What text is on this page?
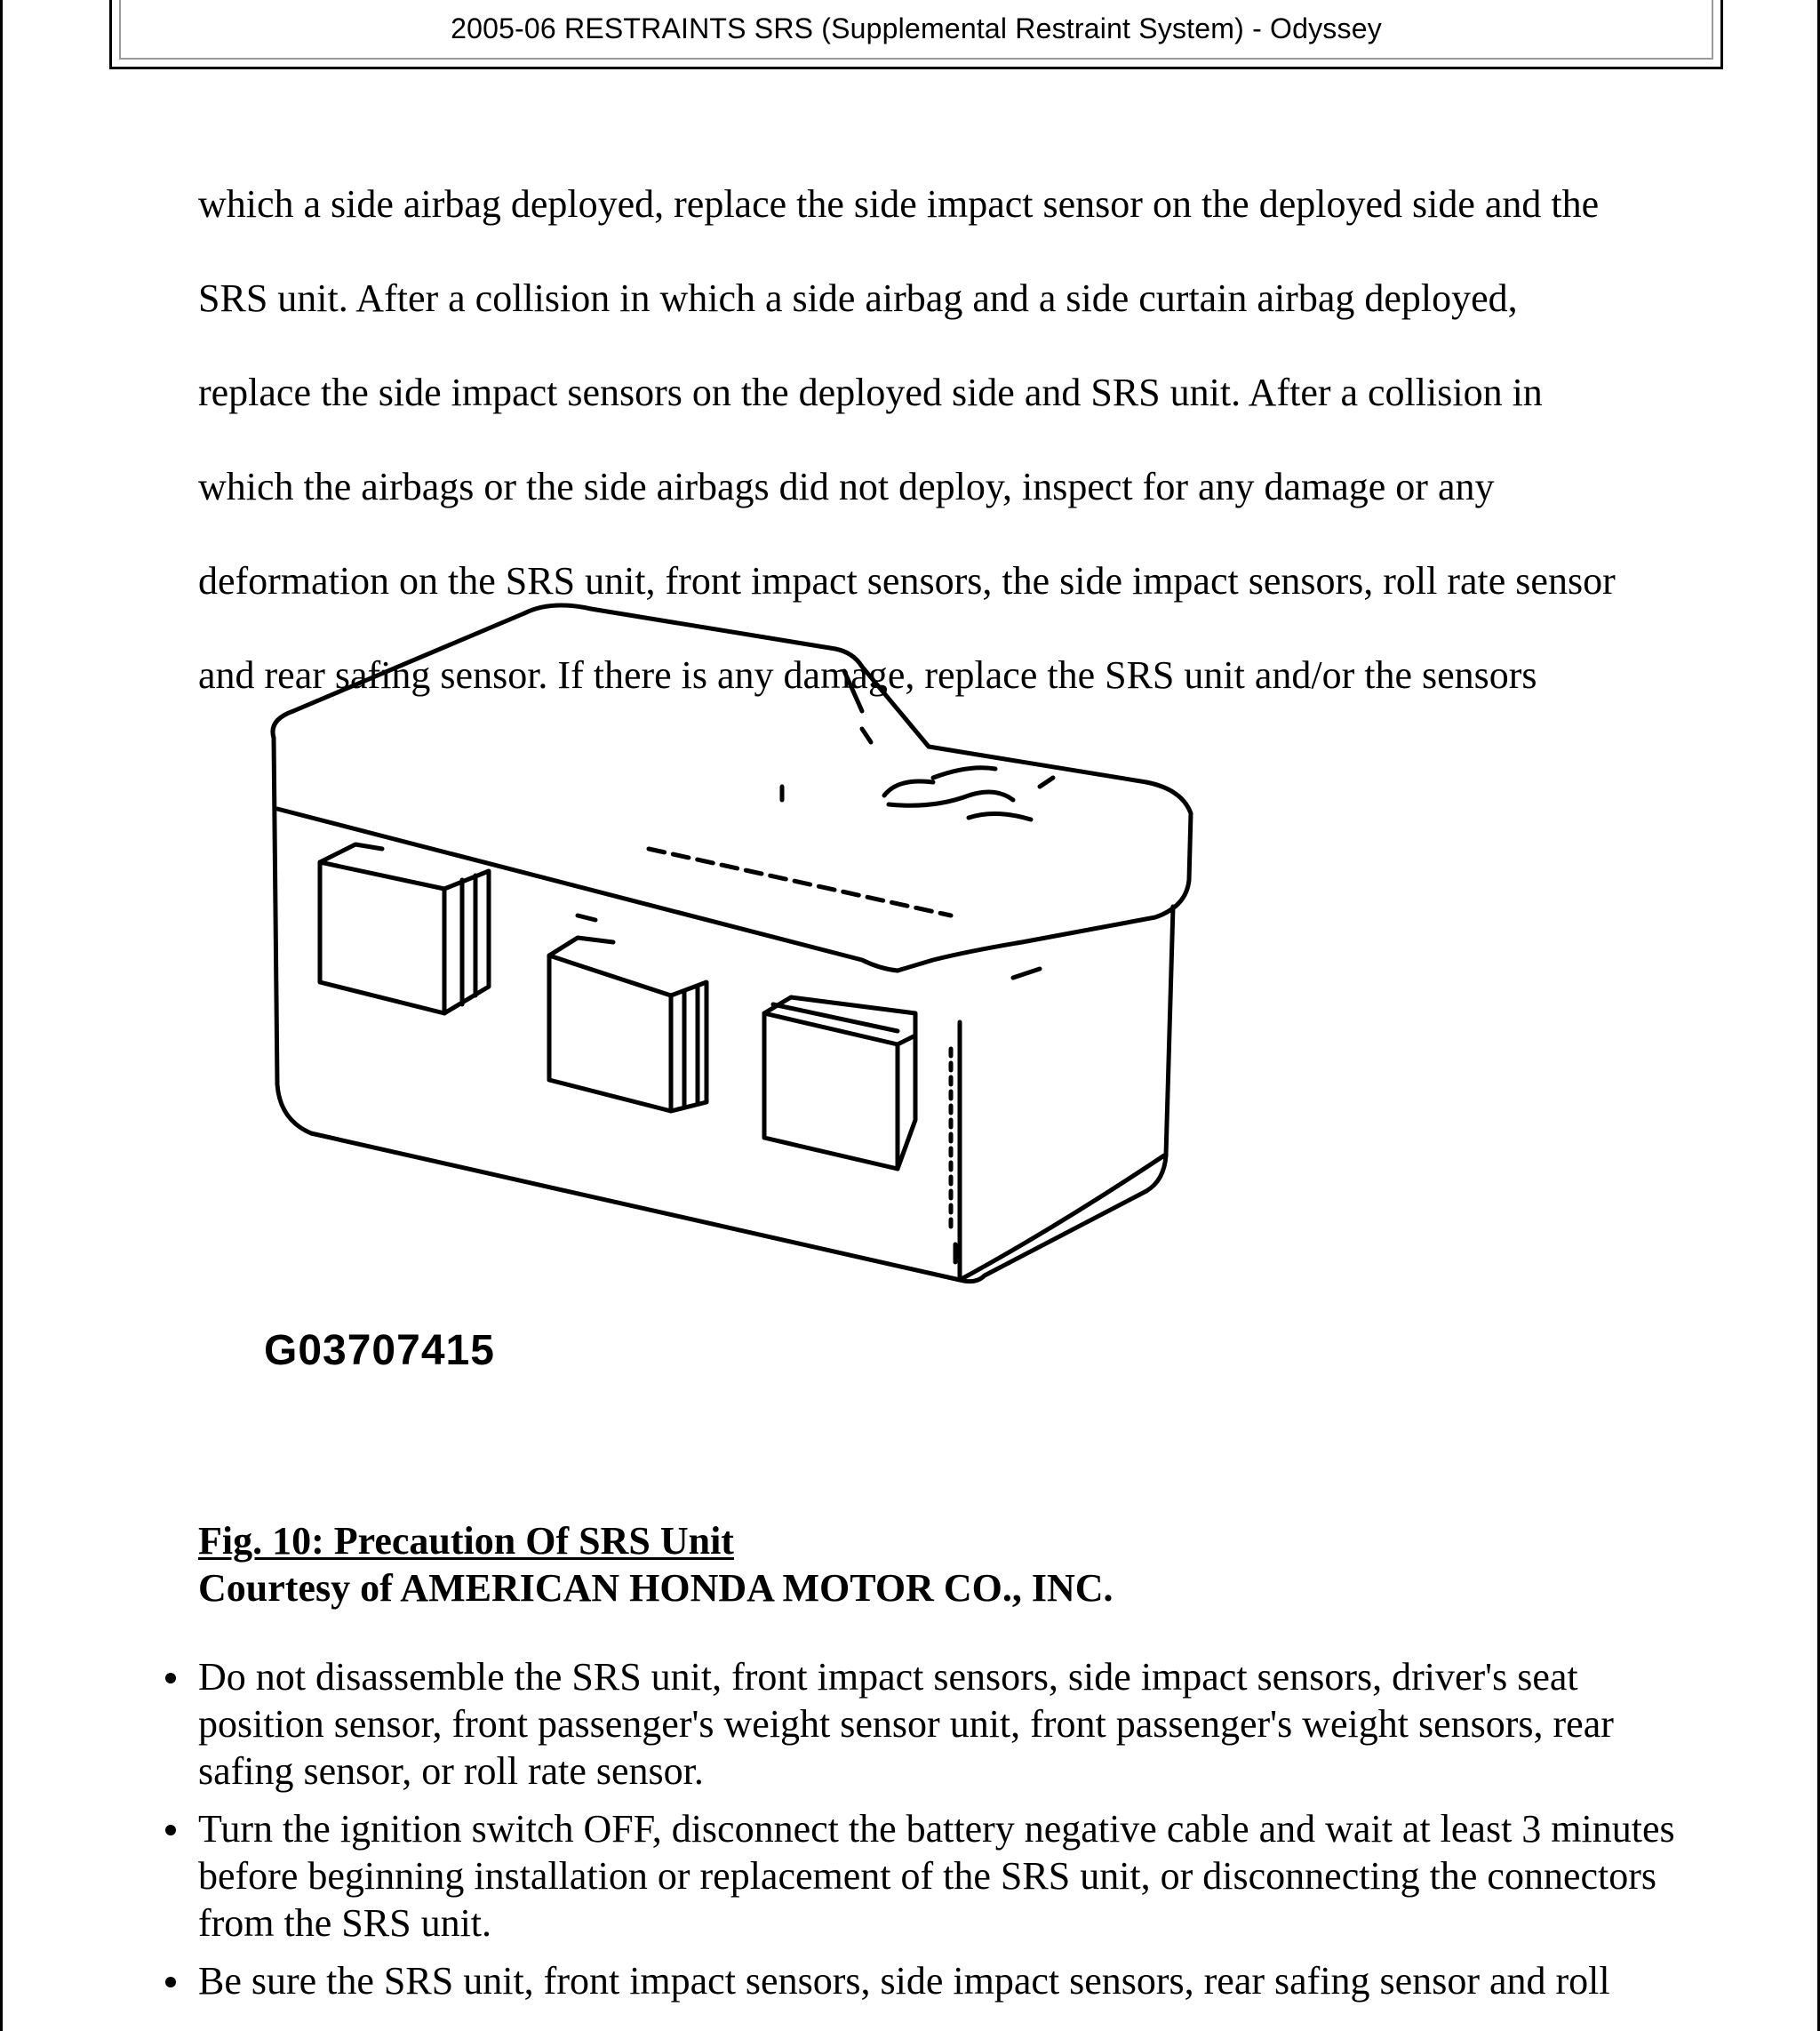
2005-06 RESTRAINTS SRS (Supplemental Restraint System) - Odyssey

which a side airbag deployed, replace the side impact sensor on the deployed side and the

SRS unit. After a collision in which a side airbag and a side curtain airbag deployed,

replace the side impact sensors on the deployed side and SRS unit. After a collision in

which the airbags or the side airbags did not deploy, inspect for any damage or any

deformation on the SRS unit, front impact sensors, the side impact sensors, roll rate sensor

and rear safing sensor. If there is any damage, replace the SRS unit and/or the sensors

G03707415
Fig. 10: Precaution Of SRS Unit
Courtesy of AMERICAN HONDA MOTOR CO., INC.
Do not disassemble the SRS unit, front impact sensors, side impact sensors, driver's seat position sensor, front passenger's weight sensor unit, front passenger's weight sensors, rear safing sensor, or roll rate sensor.
Turn the ignition switch OFF, disconnect the battery negative cable and wait at least 3 minutes before beginning installation or replacement of the SRS unit, or disconnecting the connectors from the SRS unit.
Be sure the SRS unit, front impact sensors, side impact sensors, rear safing sensor and roll
